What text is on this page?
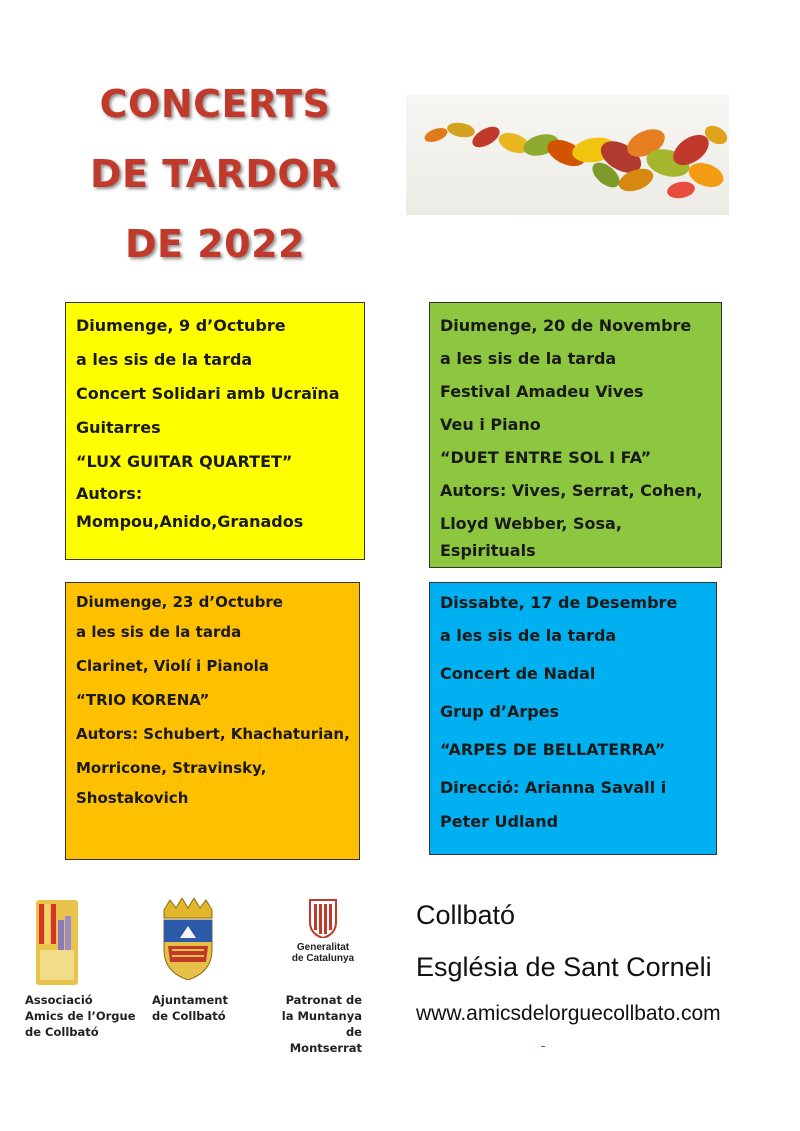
CONCERTS
DE TARDOR
DE 2022
Diumenge, 9 d’Octubre
a les sis de la tarda
Concert Solidari amb Ucraïna
Guitarres
“LUX GUITAR QUARTET”
Autors:
Mompou,Anido,Granados
Diumenge, 20 de Novembre
a les sis de la tarda
Festival Amadeu Vives
Veu i Piano
“DUET ENTRE SOL I FA”
Autors: Vives, Serrat, Cohen,
Lloyd Webber, Sosa,
Espirituals
Diumenge, 23 d’Octubre
a les sis de la tarda
Clarinet, Violí i Pianola
“TRIO KORENA”
Autors: Schubert, Khachaturian,
Morricone, Stravinsky,
Shostakovich
Dissabte, 17 de Desembre
a les sis de la tarda
Concert de Nadal
Grup d’Arpes
“ARPES DE BELLATERRA”
Direcció: Arianna Savall i
Peter Udland
Associació
Amics de l’Orgue
de Collbató
Ajuntament
de Collbató
Generalitat
de Catalunya
Patronat de
la Muntanya
de Montserrat
Collbató
Església de Sant Corneli
www.amicsdelorguecollbato.com
